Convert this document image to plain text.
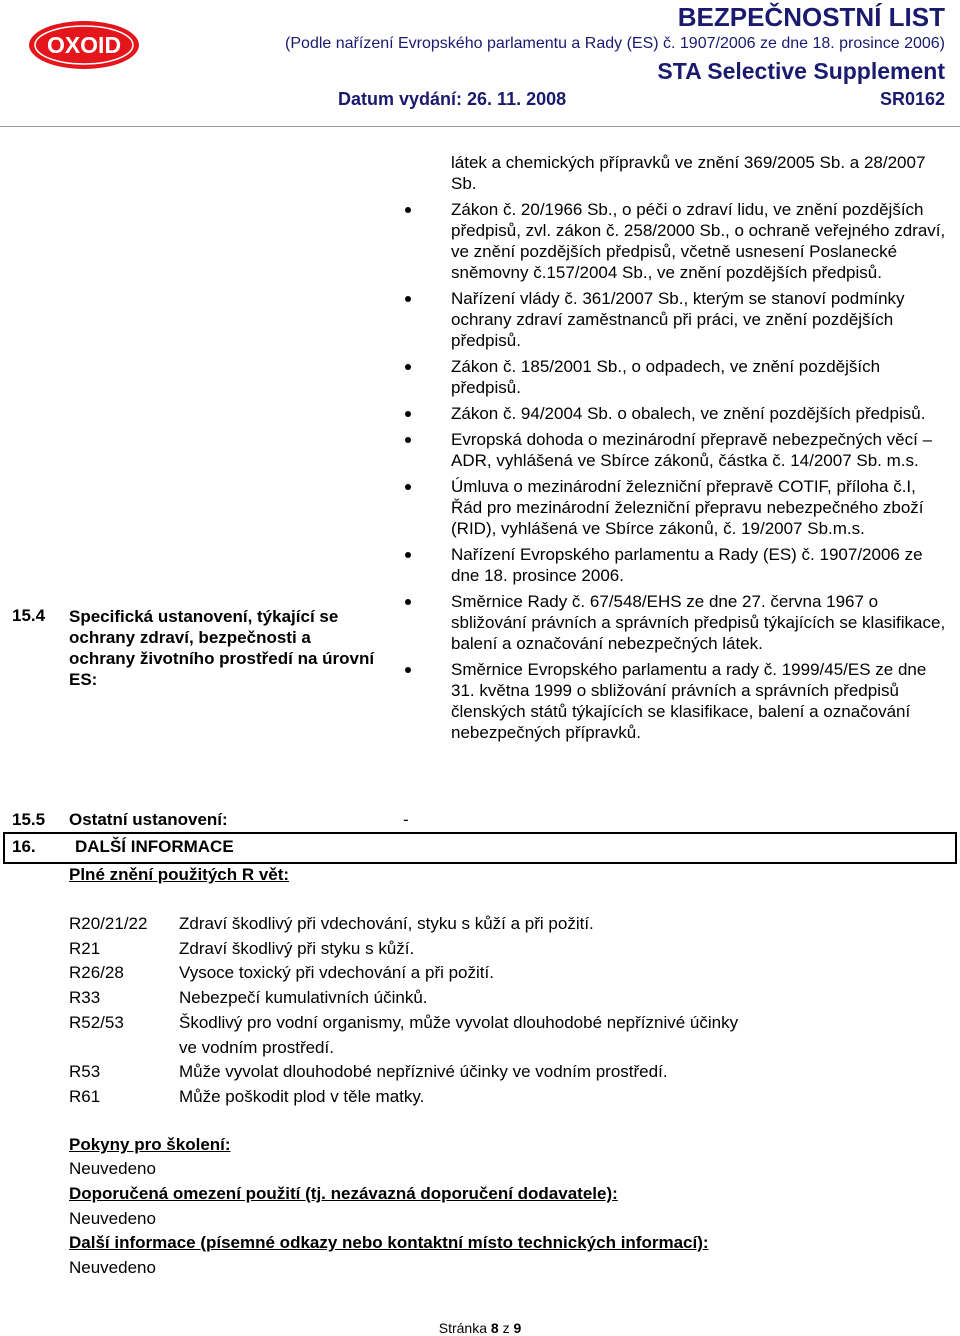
OXOID
BEZPEČNOSTNÍ LIST
(Podle nařízení Evropského parlamentu a Rady (ES) č. 1907/2006 ze dne 18. prosince 2006)
STA Selective Supplement
Datum vydání: 26. 11. 2008	SR0162
látek a chemických přípravků ve znění 369/2005 Sb. a 28/2007 Sb.
Zákon č. 20/1966 Sb., o péči o zdraví lidu, ve znění pozdějších předpisů, zvl. zákon č. 258/2000 Sb., o ochraně veřejného zdraví, ve znění pozdějších předpisů, včetně usnesení Poslanecké sněmovny č.157/2004 Sb., ve znění pozdějších předpisů.
Nařízení vlády č. 361/2007 Sb., kterým se stanoví podmínky ochrany zdraví zaměstnanců při práci, ve znění pozdějších předpisů.
Zákon č. 185/2001 Sb., o odpadech, ve znění pozdějších předpisů.
Zákon č. 94/2004 Sb. o obalech, ve znění pozdějších předpisů.
Evropská dohoda o mezinárodní přepravě nebezpečných věcí – ADR, vyhlášená ve Sbírce zákonů, částka č. 14/2007 Sb. m.s.
Úmluva o mezinárodní železniční přepravě COTIF, příloha č.I, Řád pro mezinárodní železniční přepravu nebezpečného zboží (RID), vyhlášená ve Sbírce zákonů, č. 19/2007 Sb.m.s.
Nařízení Evropského parlamentu a Rady (ES) č. 1907/2006 ze dne 18. prosince 2006.
Směrnice Rady č. 67/548/EHS ze dne 27. června 1967 o sbližování právních a správních předpisů týkajících se klasifikace, balení a označování nebezpečných látek.
Směrnice Evropského parlamentu a rady č. 1999/45/ES ze dne 31. května 1999 o sbližování právních a správních předpisů členských států týkajících se klasifikace, balení a označování nebezpečných přípravků.
15.4 Specifická ustanovení, týkající se ochrany zdraví, bezpečnosti a ochrany životního prostředí na úrovní ES:
15.5 Ostatní ustanovení:	-
16. DALŠÍ INFORMACE
Plné znění použitých R vět:
R20/21/22	Zdraví škodlivý při vdechování, styku s kůží a při požití.
R21	Zdraví škodlivý při styku s kůží.
R26/28	Vysoce toxický při vdechování a při požití.
R33	Nebezpečí kumulativních účinků.
R52/53	Škodlivý pro vodní organismy, může vyvolat dlouhodobé nepříznivé účinky ve vodním prostředí.
R53	Může vyvolat dlouhodobé nepříznivé účinky ve vodním prostředí.
R61	Může poškodit plod v těle matky.
Pokyny pro školení:
Neuvedeno
Doporučená omezení použití (tj. nezávazná doporučení dodavatele):
Neuvedeno
Další informace (písemné odkazy nebo kontaktní místo technických informací):
Neuvedeno
Stránka 8 z 9
